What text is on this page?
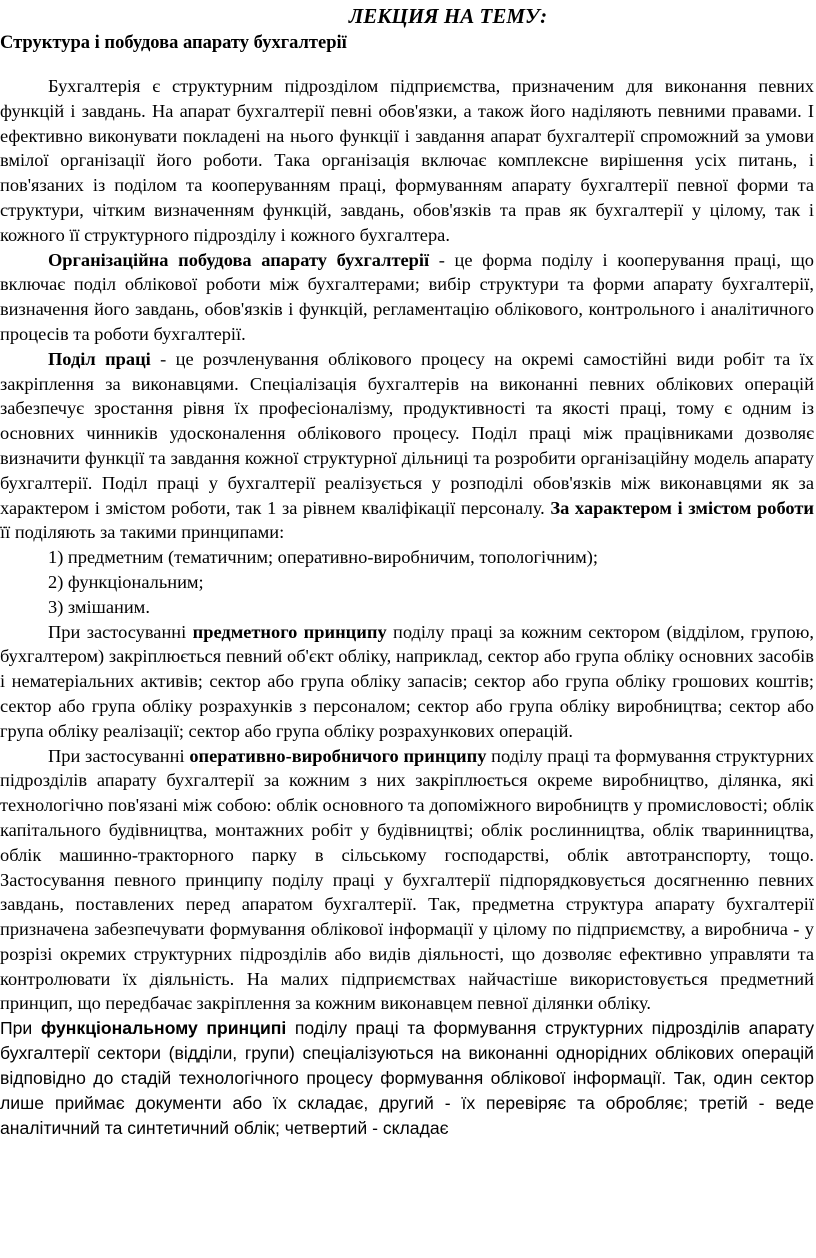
ЛЕКЦИЯ НА ТЕМУ:
Структура і побудова апарату бухгалтерії

Бухгалтерія є структурним підрозділом підприємства, призначеним для виконання певних функцій і завдань. На апарат бухгалтерії певні обов'язки, а також його наділяють певними правами. І ефективно виконувати покладені на нього функції і завдання апарат бухгалтерії спроможний за умови вмілої організації його роботи. Така організація включає комплексне вирішення усіх питань, і пов'язаних із поділом та кооперуванням праці, формуванням апарату бухгалтерії певної форми та структури, чітким визначенням функцій, завдань, обов'язків та прав як бухгалтерії у цілому, так і кожного її структурного підрозділу і кожного бухгалтера.

Організаційна побудова апарату бухгалтерії - це форма поділу і кооперування праці, що включає поділ облікової роботи між бухгалтерами; вибір структури та форми апарату бухгалтерії, визначення його завдань, обов'язків і функцій, регламентацію облікового, контрольного і аналітичного процесів та роботи бухгалтерії.

Поділ праці - це розчленування облікового процесу на окремі самостійні види робіт та їх закріплення за виконавцями. Спеціалізація бухгалтерів на виконанні певних облікових операцій забезпечує зростання рівня їх професіоналізму, продуктивності та якості праці, тому є одним із основних чинників удосконалення облікового процесу. Поділ праці між працівниками дозволяє визначити функції та завдання кожної структурної дільниці та розробити організаційну модель апарату бухгалтерії. Поділ праці у бухгалтерії реалізується у розподілі обов'язків між виконавцями як за характером і змістом роботи, так 1 за рівнем кваліфікації персоналу. За характером і змістом роботи її поділяють за такими принципами:

1) предметним (тематичним; оперативно-виробничим, топологічним);

2) функціональним;

3) змішаним.

При застосуванні предметного принципу поділу праці за кожним сектором (відділом, групою, бухгалтером) закріплюється певний об'єкт обліку, наприклад, сектор або група обліку основних засобів і нематеріальних активів; сектор або група обліку запасів; сектор або група обліку грошових коштів; сектор або група обліку розрахунків з персоналом; сектор або група обліку виробництва; сектор або група обліку реалізації; сектор або група обліку розрахункових операцій.

При застосуванні оперативно-виробничого принципу поділу праці та формування структурних підрозділів апарату бухгалтерії за кожним з них закріплюється окреме виробництво, ділянка, які технологічно пов'язані між собою: облік основного та допоміжного виробництв у промисловості; облік капітального будівництва, монтажних робіт у будівництві; облік рослинництва, облік тваринництва, облік машинно-тракторного парку в сільському господарстві, облік автотранспорту, тощо. Застосування певного принципу поділу праці у бухгалтерії підпорядковується досягненню певних завдань, поставлених перед апаратом бухгалтерії. Так, предметна структура апарату бухгалтерії призначена забезпечувати формування облікової інформації у цілому по підприємству, а виробнича - у розрізі окремих структурних підрозділів або видів діяльності, що дозволяє ефективно управляти та контролювати їх діяльність. На малих підприємствах найчастіше використовується предметний принцип, що передбачає закріплення за кожним виконавцем певної ділянки обліку.

При функціональному принципі поділу праці та формування структурних підрозділів апарату бухгалтерії сектори (відділи, групи) спеціалізуються на виконанні однорідних облікових операцій відповідно до стадій технологічного процесу формування облікової інформації. Так, один сектор лише приймає документи або їх складає, другий - їх перевіряє та обробляє; третій - веде аналітичний та синтетичний облік; четвертий - складає
